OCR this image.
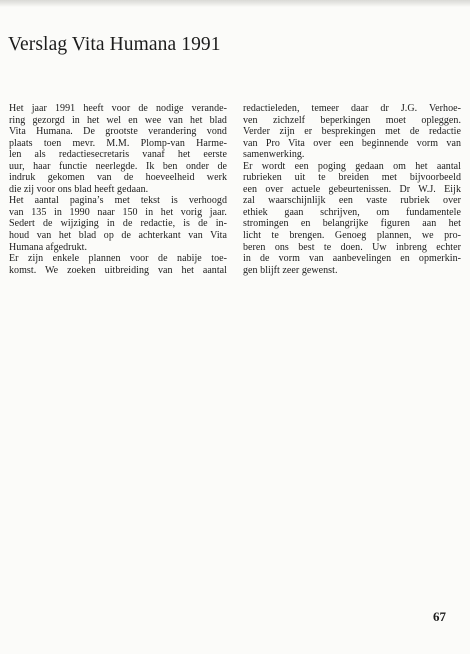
Verslag Vita Humana 1991
Het jaar 1991 heeft voor de nodige verande-
ring gezorgd in het wel en wee van het blad
Vita Humana. De grootste verandering vond
plaats toen mevr. M.M. Plomp-van Harme-
len als redactiesecretaris vanaf het eerste
uur, haar functie neerlegde. Ik ben onder de
indruk gekomen van de hoeveelheid werk
die zij voor ons blad heeft gedaan.
Het aantal pagina’s met tekst is verhoogd
van 135 in 1990 naar 150 in het vorig jaar.
Sedert de wijziging in de redactie, is de in-
houd van het blad op de achterkant van Vita
Humana afgedrukt.
Er zijn enkele plannen voor de nabije toe-
komst. We zoeken uitbreiding van het aantal
redactieleden, temeer daar dr J.G. Verhoe-
ven zichzelf beperkingen moet opleggen.
Verder zijn er besprekingen met de redactie
van Pro Vita over een beginnende vorm van
samenwerking.
Er wordt een poging gedaan om het aantal
rubrieken uit te breiden met bijvoorbeeld
een over actuele gebeurtenissen. Dr W.J. Eijk
zal waarschijnlijk een vaste rubriek over
ethiek gaan schrijven, om fundamentele
stromingen en belangrijke figuren aan het
licht te brengen. Genoeg plannen, we pro-
beren ons best te doen. Uw inbreng echter
in de vorm van aanbevelingen en opmerkin-
gen blijft zeer gewenst.
67
